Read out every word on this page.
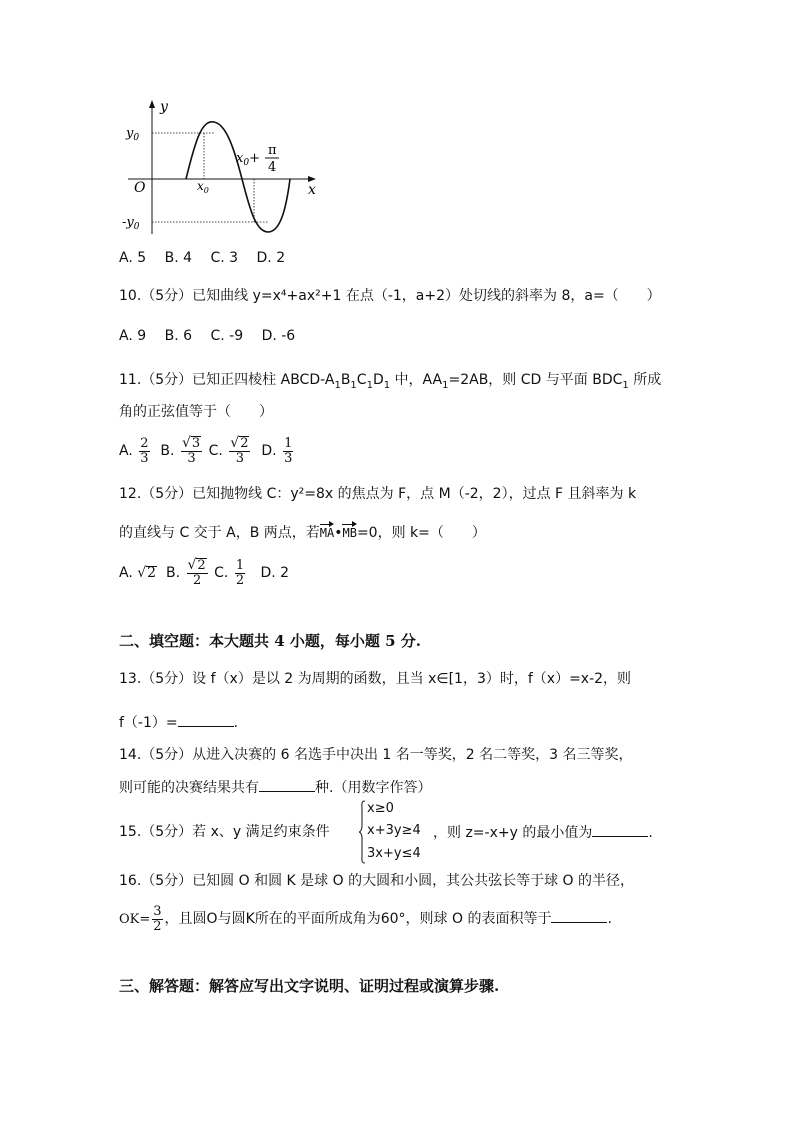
y
x
O
$y_0$
$-y_0$
$x_0$
$x_0+$
π
4
A. 5 B. 4 C. 3 D. 2
10.（5分）已知曲线 y=x⁴+ax²+1 在点（-1，a+2）处切线的斜率为 8，a=（　　）
A. 9 B. 6 C. -9 D. -6
11.（5分）已知正四棱柱 ABCD-$A_1B_1C_1D_1$ 中，$AA_1=2AB$，则 CD 与平面 $BDC_1$ 所成
角的正弦值等于（　　）
A. $\frac{2}{3} B$. $\frac{√ 3}{3} C$. $\frac{√ 2}{3} D$. $\frac{1}{3}$
12.（5分）已知抛物线 C：y²=8x 的焦点为 F，点 M（-2，2），过点 F 且斜率为 k
的直线与 C 交于 A，B 两点，若MA•MB=0，则 k=（　　）
A. √ 2 B. $\frac{√ 2}{2} C$. $\frac{1}{2} D$. 2
二、填空题：本大题共 4 小题，每小题 5 分.
13.（5分）设 f（x）是以 2 为周期的函数，且当 x∈[1，3）时，f（x）=x-2，则
f（-1）=	.
14.（5分）从进入决赛的 6 名选手中决出 1 名一等奖，2 名二等奖，3 名三等奖，
则可能的决赛结果共有	种.（用数字作答）
15.（5分）若 x、y 满足约束条件
x≥0
x+3y≥4
3x+y≤4
，则 z=-x+y 的最小值为	.
16.（5分）已知圆 O 和圆 K 是球 O 的大圆和小圆，其公共弦长等于球 O 的半径，
$OK= \frac{3}{2}$ ，且圆O与圆K所在的平面所成角为60°，则球 O 的表面积等于	.
三、解答题：解答应写出文字说明、证明过程或演算步骤.
